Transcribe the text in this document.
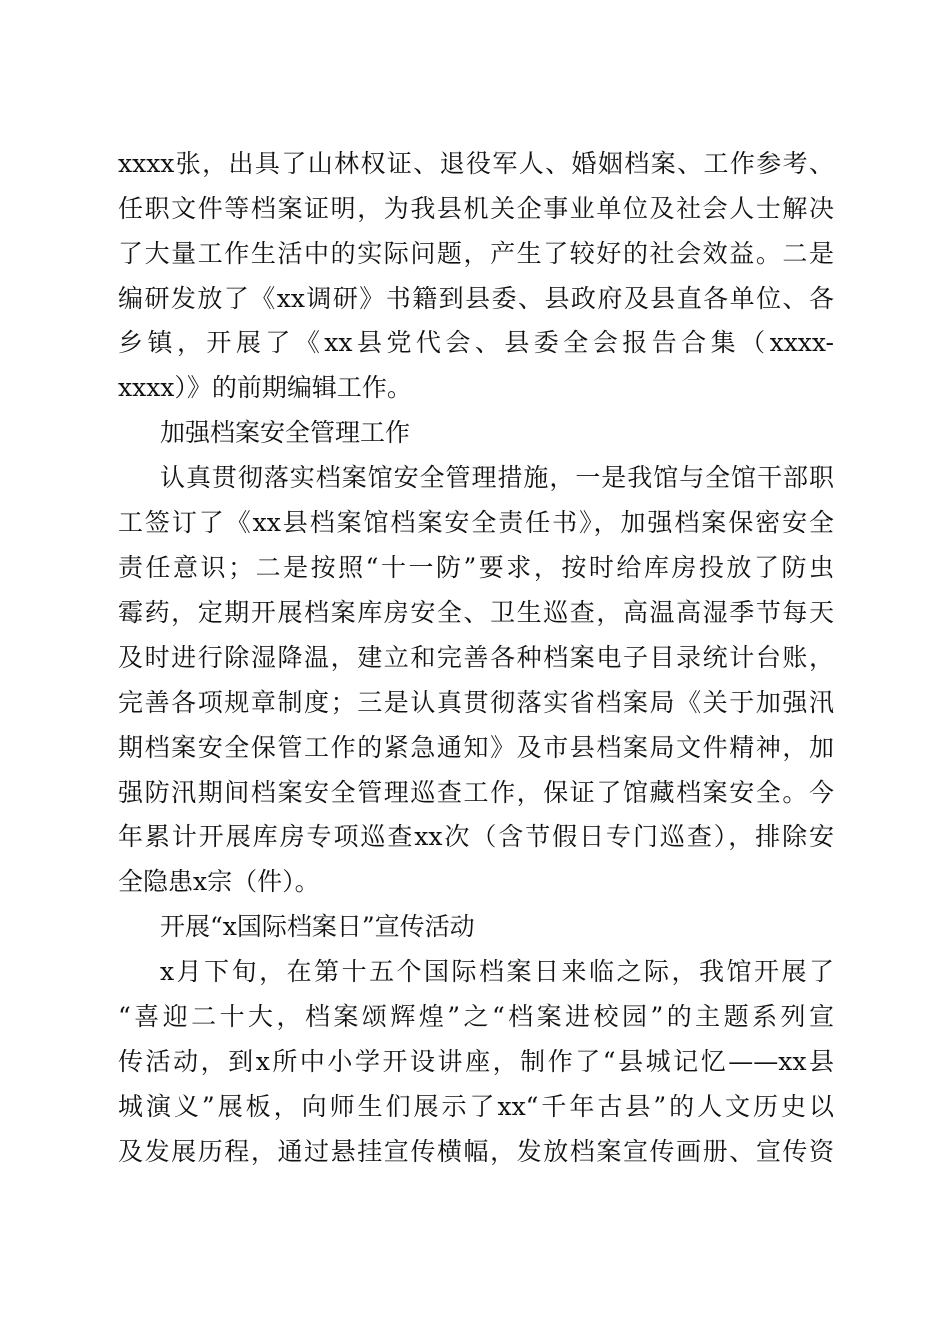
xxxx张，出具了山林权证、退役军人、婚姻档案、工作参考、
任职文件等档案证明，为我县机关企事业单位及社会人士解决
了大量工作生活中的实际问题，产生了较好的社会效益。二是
编研发放了《xx调研》书籍到县委、县政府及县直各单位、各
乡镇，开展了《xx县党代会、县委全会报告合集（xxxx-
xxxx）》的前期编辑工作。
加强档案安全管理工作
认真贯彻落实档案馆安全管理措施，一是我馆与全馆干部职
工签订了《xx县档案馆档案安全责任书》，加强档案保密安全
责任意识；二是按照“十一防”要求，按时给库房投放了防虫
霉药，定期开展档案库房安全、卫生巡查，高温高湿季节每天
及时进行除湿降温，建立和完善各种档案电子目录统计台账，
完善各项规章制度；三是认真贯彻落实省档案局《关于加强汛
期档案安全保管工作的紧急通知》及市县档案局文件精神，加
强防汛期间档案安全管理巡查工作，保证了馆藏档案安全。今
年累计开展库房专项巡查xx次（含节假日专门巡查），排除安
全隐患x宗（件）。
开展“x国际档案日”宣传活动
x月下旬，在第十五个国际档案日来临之际，我馆开展了
“喜迎二十大，档案颂辉煌”之“档案进校园”的主题系列宣
传活动，到x所中小学开设讲座，制作了“县城记忆——xx县
城演义”展板，向师生们展示了xx“千年古县”的人文历史以
及发展历程，通过悬挂宣传横幅，发放档案宣传画册、宣传资
